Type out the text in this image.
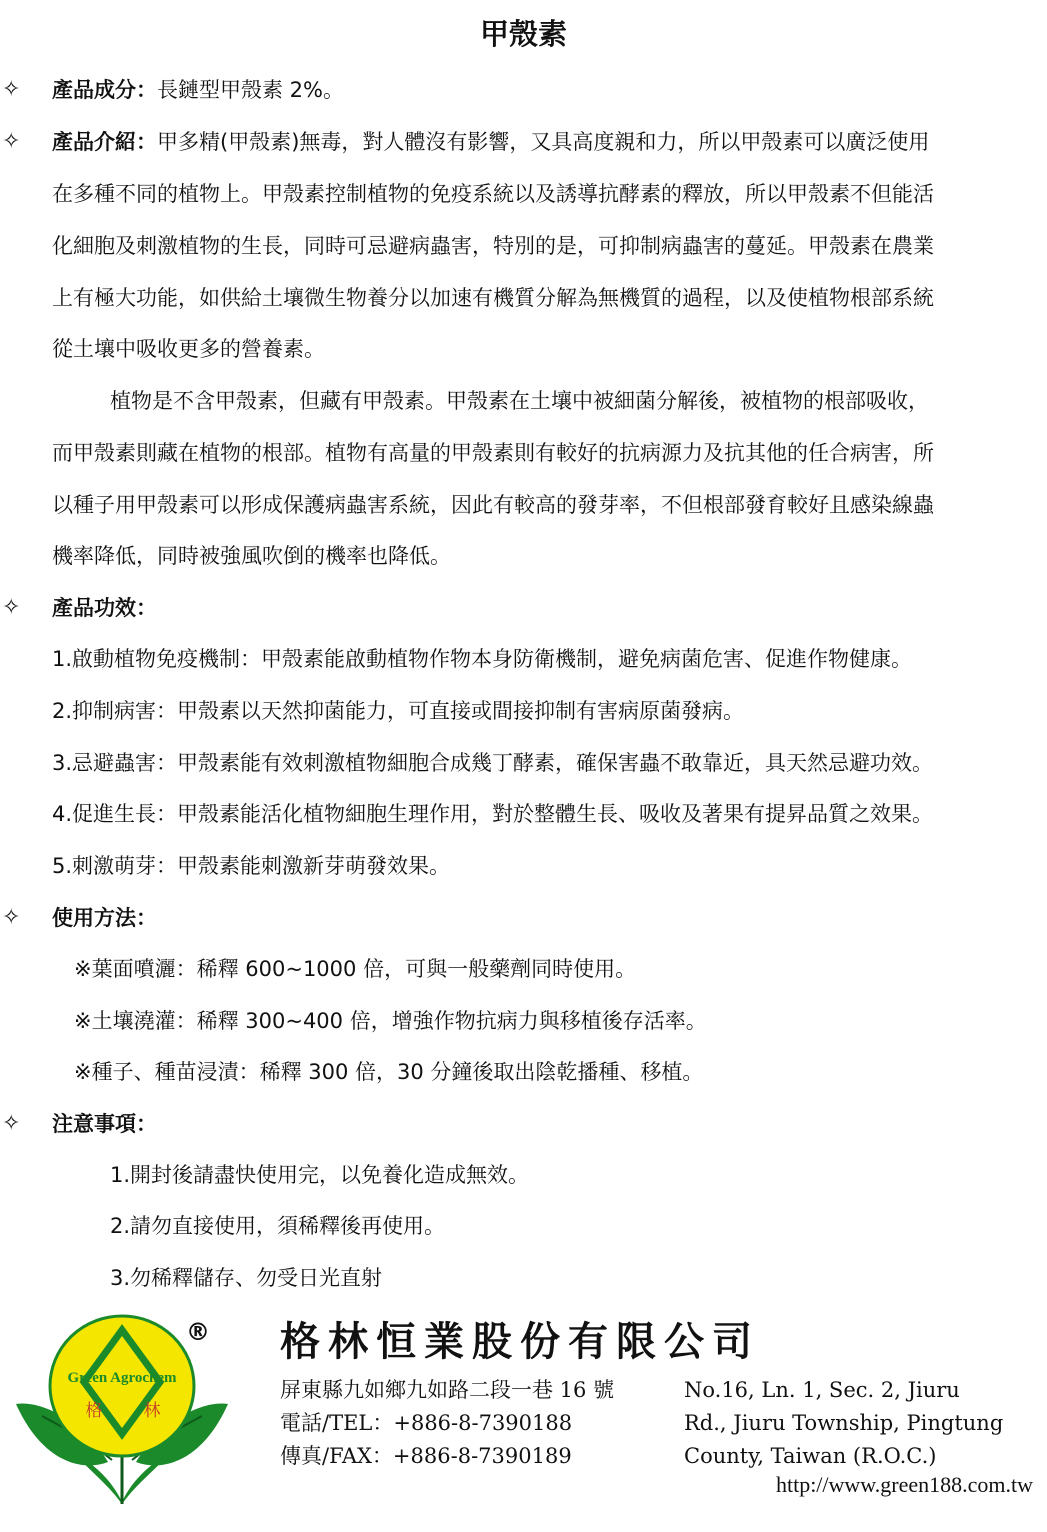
甲殼素
✧ 產品成分：長鏈型甲殼素 2%。
✧ 產品介紹：甲多精(甲殼素)無毒，對人體沒有影響，又具高度親和力，所以甲殼素可以廣泛使用
在多種不同的植物上。甲殼素控制植物的免疫系統以及誘導抗酵素的釋放，所以甲殼素不但能活
化細胞及刺激植物的生長，同時可忌避病蟲害，特別的是，可抑制病蟲害的蔓延。甲殼素在農業
上有極大功能，如供給土壤微生物養分以加速有機質分解為無機質的過程，以及使植物根部系統
從土壤中吸收更多的營養素。
植物是不含甲殼素，但藏有甲殼素。甲殼素在土壤中被細菌分解後，被植物的根部吸收，
而甲殼素則藏在植物的根部。植物有高量的甲殼素則有較好的抗病源力及抗其他的任合病害，所
以種子用甲殼素可以形成保護病蟲害系統，因此有較高的發芽率，不但根部發育較好且感染線蟲
機率降低，同時被強風吹倒的機率也降低。
✧ 產品功效：
1.啟動植物免疫機制：甲殼素能啟動植物作物本身防衛機制，避免病菌危害、促進作物健康。
2.抑制病害：甲殼素以天然抑菌能力，可直接或間接抑制有害病原菌發病。
3.忌避蟲害：甲殼素能有效刺激植物細胞合成幾丁酵素，確保害蟲不敢靠近，具天然忌避功效。
4.促進生長：甲殼素能活化植物細胞生理作用，對於整體生長、吸收及著果有提昇品質之效果。
5.刺激萌芽：甲殼素能刺激新芽萌發效果。
✧ 使用方法：
※葉面噴灑：稀釋 600~1000 倍，可與一般藥劑同時使用。
※土壤澆灌：稀釋 300~400 倍，增強作物抗病力與移植後存活率。
※種子、種苗浸漬：稀釋 300 倍，30 分鐘後取出陰乾播種、移植。
✧ 注意事項：
1.開封後請盡快使用完，以免養化造成無效。
2.請勿直接使用，須稀釋後再使用。
3.勿稀釋儲存、勿受日光直射
Green Agrochem
格 林
® 格林恒業股份有限公司
屏東縣九如鄉九如路二段一巷 16 號
電話/TEL：+886-8-7390188
傳真/FAX：+886-8-7390189
No.16, Ln. 1, Sec. 2, Jiuru
Rd., Jiuru Township, Pingtung
County, Taiwan (R.O.C.)
http://www.green188.com.tw
